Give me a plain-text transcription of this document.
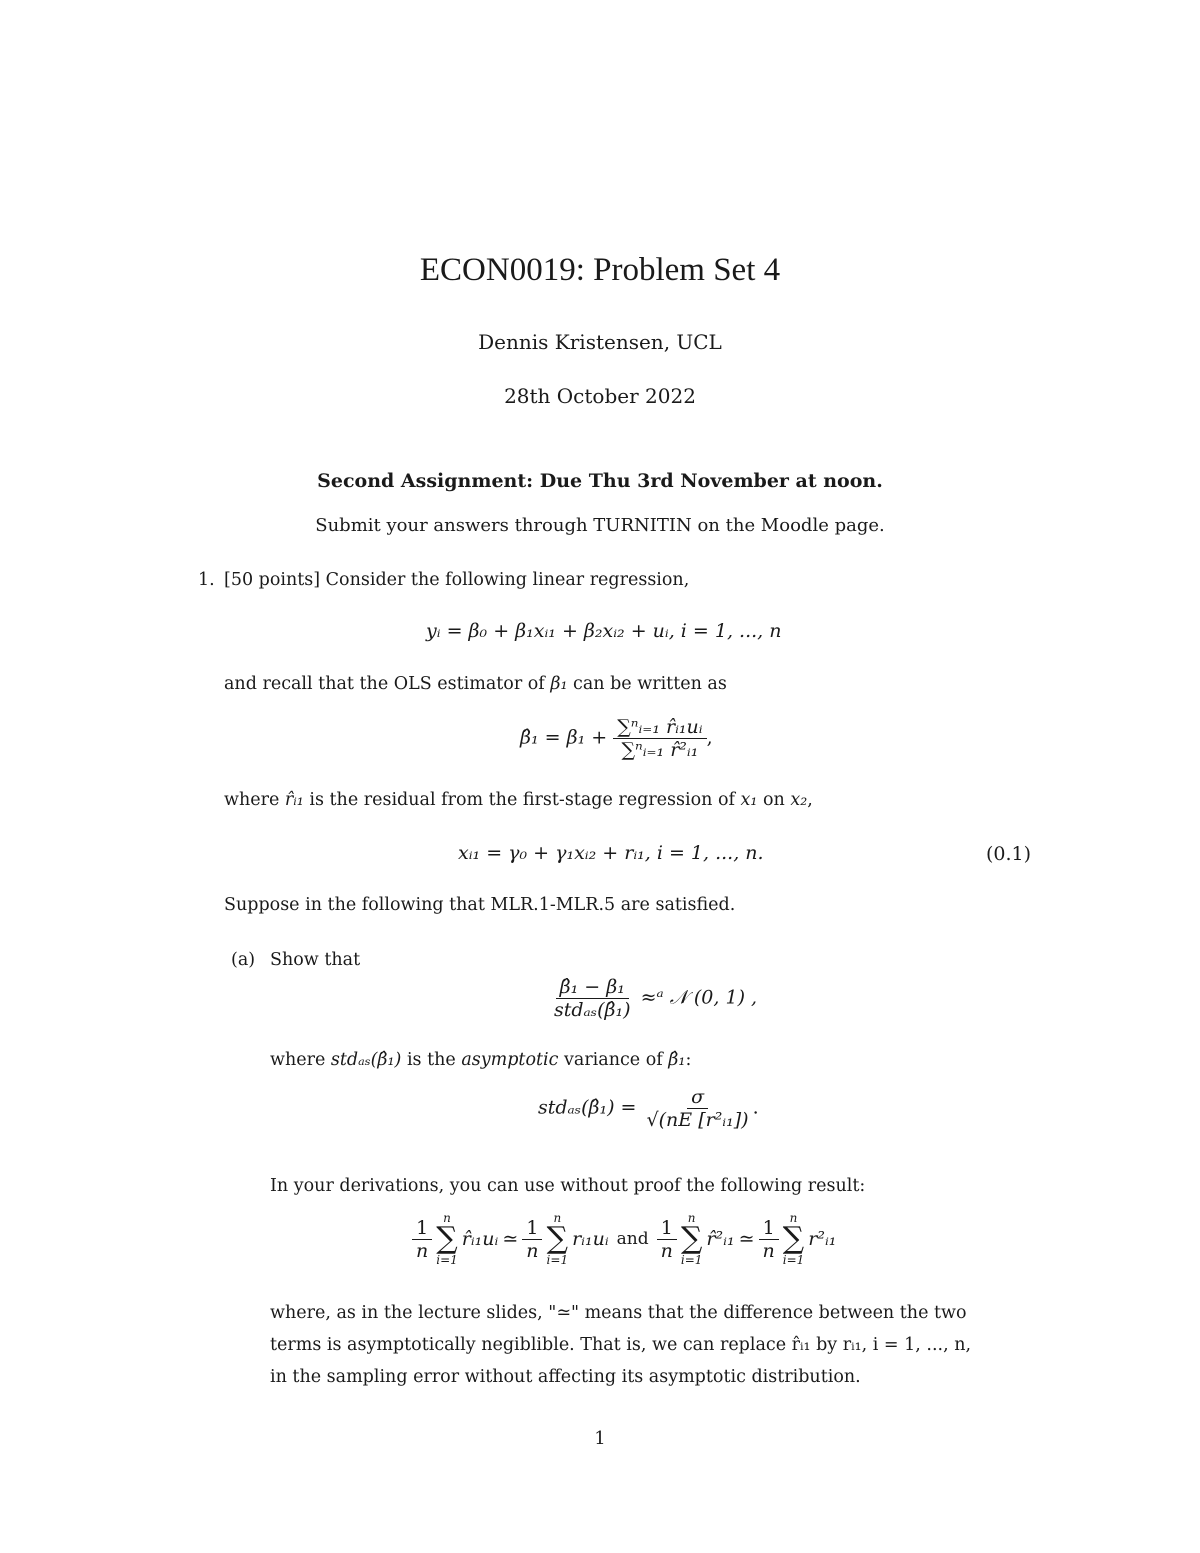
ECON0019: Problem Set 4
Dennis Kristensen, UCL
28th October 2022
Second Assignment: Due Thu 3rd November at noon.
Submit your answers through TURNITIN on the Moodle page.
1. [50 points] Consider the following linear regression,
yᵢ = β₀ + β₁xᵢ₁ + β₂xᵢ₂ + uᵢ, i = 1, ..., n
and recall that the OLS estimator of β₁ can be written as
β̂₁ = $\beta_1 + \frac{\text{∑ⁿᵢ₌₁ r̂ᵢ₁uᵢ}}{\text{∑ⁿᵢ₌₁ r̂²ᵢ₁}}$ ,
where r̂ᵢ₁ is the residual from the first-stage regression of x₁ on x₂,
xᵢ₁ = γ₀ + γ₁xᵢ₂ + rᵢ₁, i = 1, ..., n.	(0.1)
Suppose in the following that MLR.1-MLR.5 are satisfied.
(a) Show that
$\frac{\text{β̂₁ − β₁}}{\text{stdₐₛ(β̂₁)}}$ ≈ᵃ 𝒩 (0, 1) ,
where stdₐₛ(β̂₁) is the asymptotic variance of β̂₁:
stdₐₛ(β̂₁) = $\frac{\sigma}{\text{√(nE [r²ᵢ₁])}}$ .
In your derivations, you can use without proof the following result:
$\frac{1}{n}$ n
∑
i=1
r̂ᵢ₁uᵢ ≃ $\frac{1}{n}$ n
∑
i=1
rᵢ₁uᵢ and $\frac{1}{n}$ n
∑
i=1
r̂²ᵢ₁ ≃ $\frac{1}{n}$ n
∑
i=1
r²ᵢ₁
where, as in the lecture slides, "≃" means that the difference between the two
terms is asymptotically negiblible. That is, we can replace r̂ᵢ₁ by rᵢ₁, i = 1, ..., n,
in the sampling error without affecting its asymptotic distribution.
1
